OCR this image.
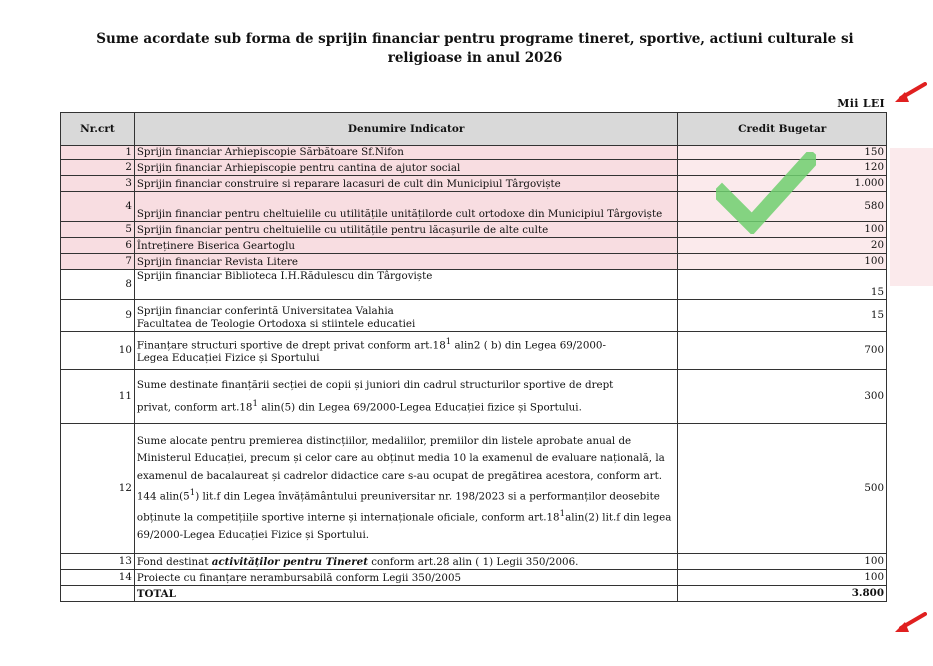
Sume acordate sub forma de sprijin financiar pentru programe tineret, sportive, actiuni culturale si
religioase in anul 2026
Mii LEI
Nr.crt	Denumire Indicator	Credit Bugetar
1	Sprijin financiar Arhiepiscopie Sărbătoare Sf.Nifon	150
2	Sprijin financiar Arhiepiscopie pentru cantina de ajutor social	120
3	Sprijin financiar construire si reparare lacasuri de cult din Municipiul Târgoviște	1.000
4	Sprijin financiar pentru cheltuielile cu utilitățile unitățilorde cult ortodoxe din Municipiul Târgoviște	580
5	Sprijin financiar pentru cheltuielile cu utilitățile pentru lăcașurile de alte culte	100
6	Întreținere Biserica Geartoglu	20
7	Sprijin financiar Revista Litere	100
8	Sprijin financiar Biblioteca I.H.Rădulescu din Târgoviște	15
9	Sprijin financiar conferintă Universitatea Valahia
Facultatea de Teologie Ortodoxa si stiintele educatiei	15
10	Finanțare structuri sportive de drept privat conform $art.18^1$ alin2 ( b) din Legea 69/2000-
Legea Educației Fizice și Sportului	700
11	Sume destinate finanțării secției de copii și juniori din cadrul structurilor sportive de drept
privat, conform $art.18^1$ alin(5) din Legea 69/2000-Legea Educației fizice și Sportului.	300
12	Sume alocate pentru premierea distincțiilor, medaliilor, premiilor din listele aprobate anual de Ministerul Educației, precum și celor care au obținut media 10 la examenul de evaluare națională, la examenul de bacalaureat și cadrelor didactice care s-au ocupat de pregătirea acestora, conform art. 144 $alin(5^1)$ lit.f din Legea învățământului preuniversitar nr. 198/2023 si a performanților deosebite obținute la competițiile sportive interne și internaționale oficiale, conform $art.18^1alin(2)$ lit.f din legea 69/2000-Legea Educației Fizice și Sportului.	500
13	Fond destinat activităților pentru Tineret conform art.28 alin ( 1) Legii 350/2006.	100
14	Proiecte cu finanțare nerambursabilă conform Legii 350/2005	100
	TOTAL	3.800
